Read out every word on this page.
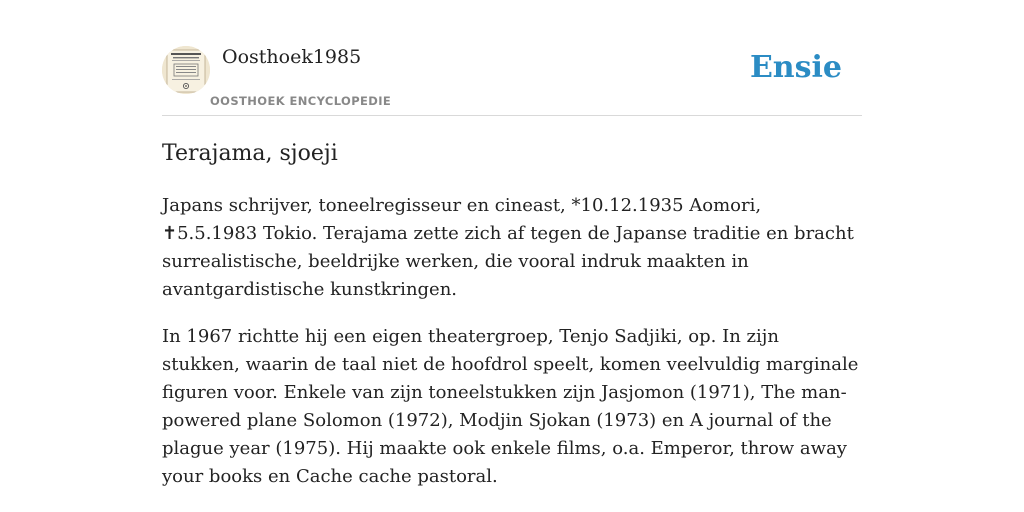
Oosthoek1985
OOSTHOEK ENCYCLOPEDIE
Ensie
Terajama, sjoeji

Japans schrijver, toneelregisseur en cineast, *10.12.1935 Aomori, ✝5.5.1983 Tokio. Terajama zette zich af tegen de Japanse traditie en bracht surrealistische, beeldrijke werken, die vooral indruk maakten in avantgardistische kunstkringen.

In 1967 richtte hij een eigen theatergroep, Tenjo Sadjiki, op. In zijn stukken, waarin de taal niet de hoofdrol speelt, komen veelvuldig marginale figuren voor. Enkele van zijn toneelstukken zijn Jasjomon (1971), The man-powered plane Solomon (1972), Modjin Sjokan (1973) en A journal of the plague year (1975). Hij maakte ook enkele films, o.a. Emperor, throw away your books en Cache cache pastoral.
